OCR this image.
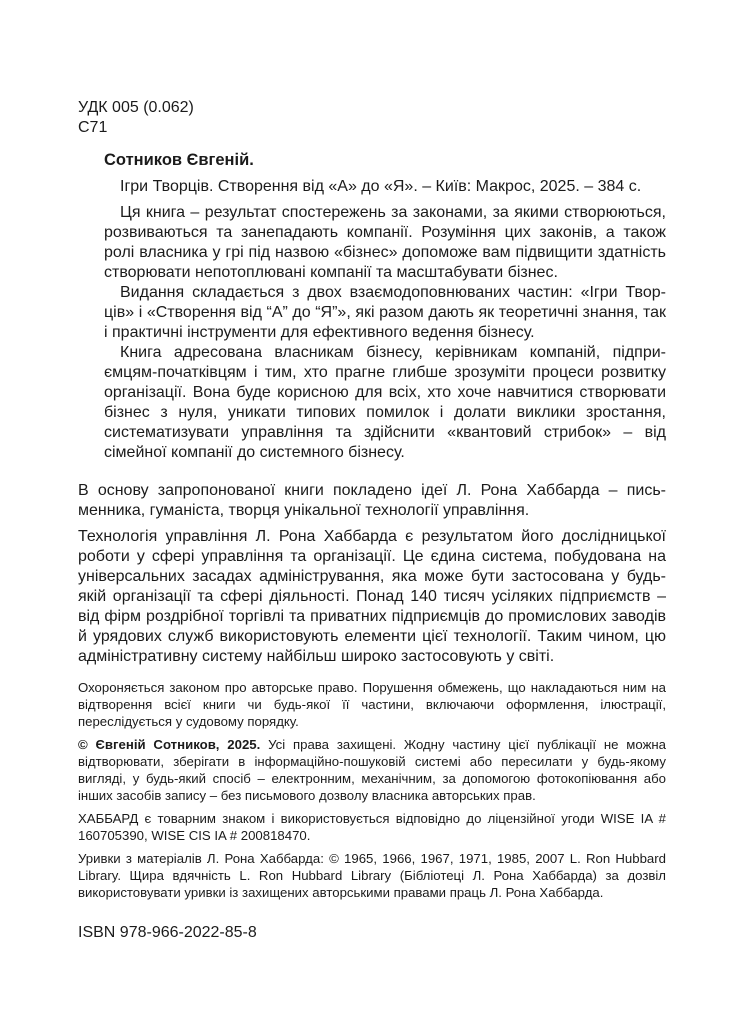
УДК 005 (0.062)

С71

Сотников Євгеній.
Ігри Творців. Створення від «А» до «Я». – Київ: Макрос, 2025. – 384 с.

Ця книга – результат спостережень за законами, за якими створюються, розвиваються та занепадають компанії. Розуміння цих законів, а також ролі власника у грі під назвою «бізнес» допоможе вам підвищити здатність створювати непотоплювані компанії та масштабувати бізнес.

Видання складається з двох взаємодоповнюваних частин: «Ігри Творців» і «Створення від “А” до “Я”», які разом дають як теоретичні знання, так і практичні інструменти для ефективного ведення бізнесу.

Книга адресована власникам бізнесу, керівникам компаній, підприємцям-початківцям і тим, хто прагне глибше зрозуміти процеси розвитку організації. Вона буде корисною для всіх, хто хоче навчитися створювати бізнес з нуля, уникати типових помилок і долати виклики зростання, систематизувати управління та здійснити «квантовий стрибок» – від сімейної компанії до системного бізнесу.

В основу запропонованої книги покладено ідеї Л. Рона Хаббарда – письменника, гуманіста, творця унікальної технології управління.

Технологія управління Л. Рона Хаббарда є результатом його дослідницької роботи у сфері управління та організації. Це єдина система, побудована на універсальних засадах адміністрування, яка може бути застосована у будь-якій організації та сфері діяльності. Понад 140 тисяч усіляких підприємств – від фірм роздрібної торгівлі та приватних підприємців до промислових заводів й урядових служб використовують елементи цієї технології. Таким чином, цю адміністративну систему найбільш широко застосовують у світі.

Охороняється законом про авторське право. Порушення обмежень, що накладаються ним на відтворення всієї книги чи будь-якої її частини, включаючи оформлення, ілюстрації, переслідується у судовому порядку.

© Євгеній Сотников, 2025. Усі права захищені. Жодну частину цієї публікації не можна відтворювати, зберігати в інформаційно-пошуковій системі або пересилати у будь-якому вигляді, у будь-який спосіб – електронним, механічним, за допомогою фотокопіювання або інших засобів запису – без письмового дозволу власника авторських прав.

ХАББАРД є товарним знаком і використовується відповідно до ліцензійної угоди WISE IA # 160705390, WISE CIS IA # 200818470.

Уривки з матеріалів Л. Рона Хаббарда: © 1965, 1966, 1967, 1971, 1985, 2007 L. Ron Hubbard Library. Щира вдячність L. Ron Hubbard Library (Бібліотеці Л. Рона Хаббарда) за дозвіл використовувати уривки із захищених авторськими правами праць Л. Рона Хаббарда.

ISBN 978-966-2022-85-8
